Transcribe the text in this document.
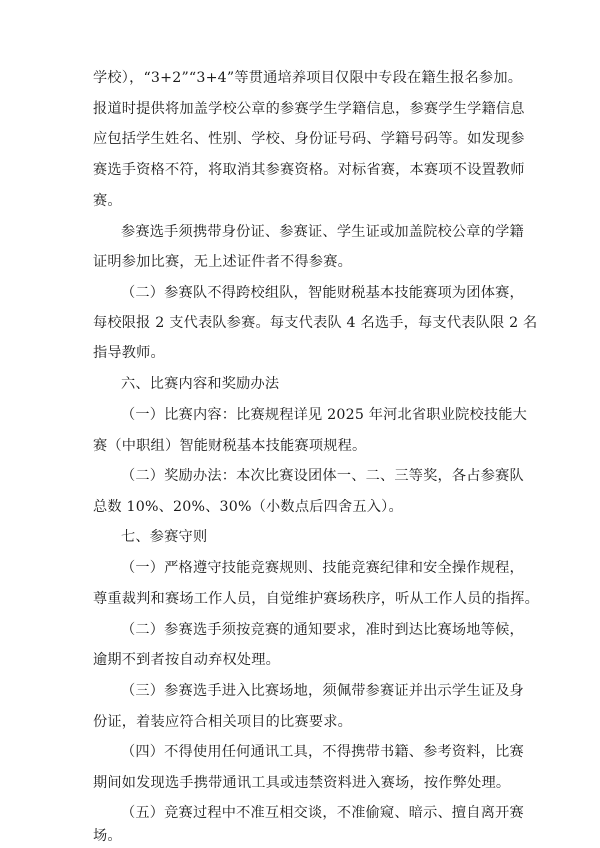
学校），“3+2”“3+4”等贯通培养项目仅限中专段在籍生报名参加。
报道时提供将加盖学校公章的参赛学生学籍信息，参赛学生学籍信息
应包括学生姓名、性别、学校、身份证号码、学籍号码等。如发现参
赛选手资格不符，将取消其参赛资格。对标省赛，本赛项不设置教师
赛。
参赛选手须携带身份证、参赛证、学生证或加盖院校公章的学籍
证明参加比赛，无上述证件者不得参赛。
（二）参赛队不得跨校组队，智能财税基本技能赛项为团体赛，
每校限报 2 支代表队参赛。每支代表队 4 名选手，每支代表队限 2 名
指导教师。
六、比赛内容和奖励办法
（一）比赛内容：比赛规程详见 2025 年河北省职业院校技能大
赛（中职组）智能财税基本技能赛项规程。
（二）奖励办法：本次比赛设团体一、二、三等奖，各占参赛队
总数 10%、20%、30%（小数点后四舍五入）。
七、参赛守则
（一）严格遵守技能竞赛规则、技能竞赛纪律和安全操作规程，
尊重裁判和赛场工作人员，自觉维护赛场秩序，听从工作人员的指挥。
（二）参赛选手须按竞赛的通知要求，准时到达比赛场地等候，
逾期不到者按自动弃权处理。
（三）参赛选手进入比赛场地，须佩带参赛证并出示学生证及身
份证，着装应符合相关项目的比赛要求。
（四）不得使用任何通讯工具，不得携带书籍、参考资料，比赛
期间如发现选手携带通讯工具或违禁资料进入赛场，按作弊处理。
（五）竞赛过程中不准互相交谈，不准偷窥、暗示、擅自离开赛
场。
